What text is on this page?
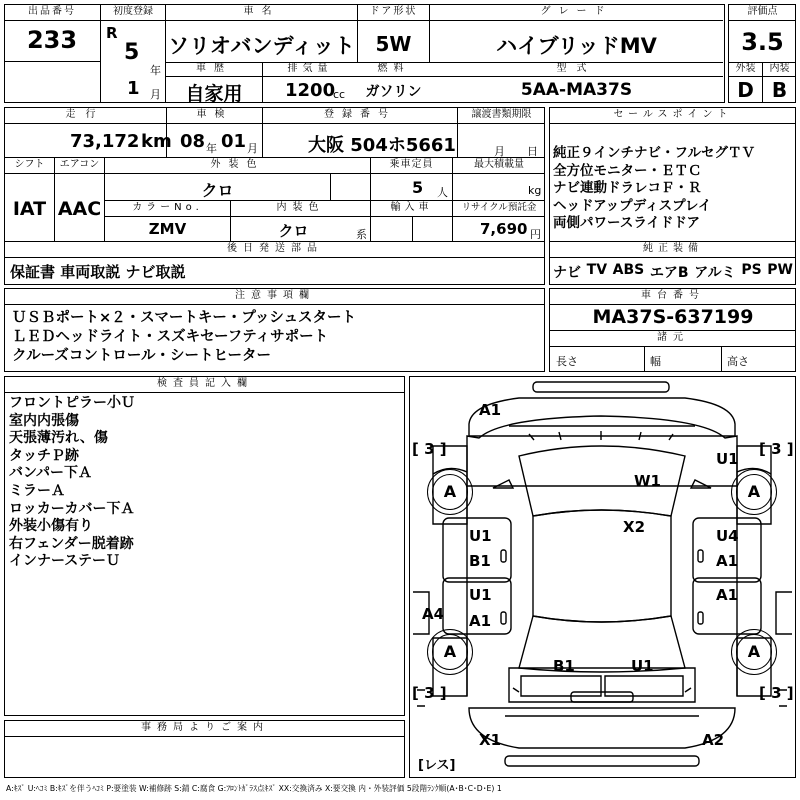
出品番号
233
初度登録
R
5
年
1 月
車名
ソリオバンディット
ドア形状
5W
グレード
ハイブリッドMV
車歴
自家用
排気量
1200
cc
燃料
ガソリン
型式
5AA-MA37S
評価点
3.5
外装	内装
D B
走行
73,172 km
車検
08 年 01 月
登録番号
大阪 504ホ5661
譲渡書類期限
月 日
シフト	エアコン
IAT AAC
外装色
クロ
乗車定員
5 人
最大積載量
kg
カラーNo.
ZMV
内装色
クロ	系
輸入車	リサイクル預託金
7,690 円
後日発送部品
保証書 車両取説 ナビ取説
セールスポイント
純正９インチナビ・フルセグＴＶ
全方位モニター・ＥＴＣ
ナビ連動ドラレコＦ・Ｒ
ヘッドアップディスプレイ
両側パワースライドドア
純正装備
ナビ TV ABS エアB アルミ PS PW
注意事項欄
ＵＳＢポート×２・スマートキー・プッシュスタート
ＬＥＤヘッドライト・スズキセーフティサポート
クルーズコントロール・シートヒーター
車台番号
MA37S-637199
諸元
長さ	幅	高さ
検査員記入欄
フロントピラー小Ｕ
室内内張傷
天張薄汚れ、傷
タッチＰ跡
バンパー下Ａ
ミラーＡ
ロッカーカバー下Ａ
外装小傷有り
右フェンダー脱着跡
インナーステーＵ
A	A
A	A
A1
[ 3 ]	[ 3 ]
U1
W1
X2
U1
B1
U4
A1
U1
A1
A1
A4
B1	U1
[ 3 ]	[ 3 ]
X1	A2
[レス]
事務局よりご案内
A:ｷｽﾞ U:ﾍｺﾐ B:ｷｽﾞを伴うﾍｺﾐ P:要塗装 W:補修跡 S:錆 C:腐食 G:ﾌﾛﾝﾄｶﾞﾗｽ点ｷｽﾞ XX:交換済み X:要交換 内・外装評価 5段階ﾗﾝｸ順(A･B･C･D･E) 1
